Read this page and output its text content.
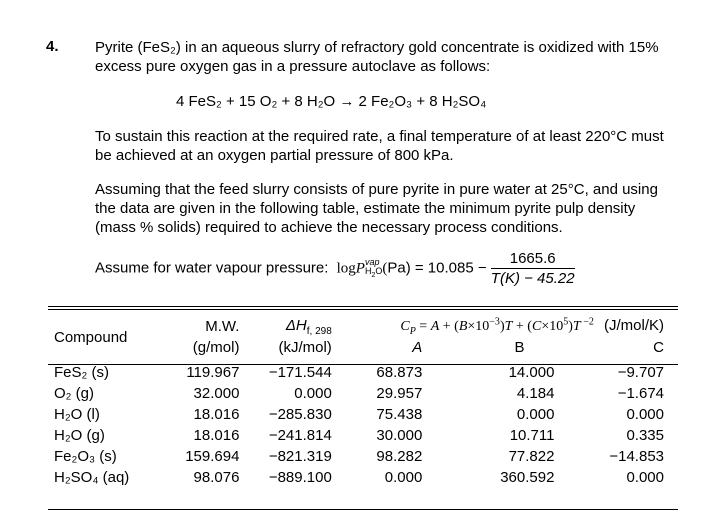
4. Pyrite (FeS₂) in an aqueous slurry of refractory gold concentrate is oxidized with 15% excess pure oxygen gas in a pressure autoclave as follows:
4 FeS₂ + 15 O₂ + 8 H₂O → 2 Fe₂O₃ + 8 H₂SO₄
To sustain this reaction at the required rate, a final temperature of at least 220°C must be achieved at an oxygen partial pressure of 800 kPa.
Assuming that the feed slurry consists of pure pyrite in pure water at 25°C, and using the data are given in the following table, estimate the minimum pyrite pulp density (mass % solids) required to achieve the necessary process conditions.
Assume for water vapour pressure: logP vap
$H_2O$ $(Pa) = 10.085 - \frac{1665.6}{T(K) - 45.22}$
Compound	M.W.	$\Delta H_{f, 298}$	$C_P = A + (B\times 10^{-3})T + (C\times 10^5)T$ $^{-2}$ (J/mol/K)		
	(g/mol)	(kJ/mol)	A	B	C

FeS₂ (s)	119.967	−171.544	68.873	14.000	−9.707
O₂ (g)	32.000	0.000	29.957	4.184	−1.674
H₂O (l)	18.016	−285.830	75.438	0.000	0.000
H₂O (g)	18.016	−241.814	30.000	10.711	0.335
Fe₂O₃ (s)	159.694	−821.319	98.282	77.822	−14.853
H₂SO₄ (aq)	98.076	−889.100	0.000	360.592	0.000
